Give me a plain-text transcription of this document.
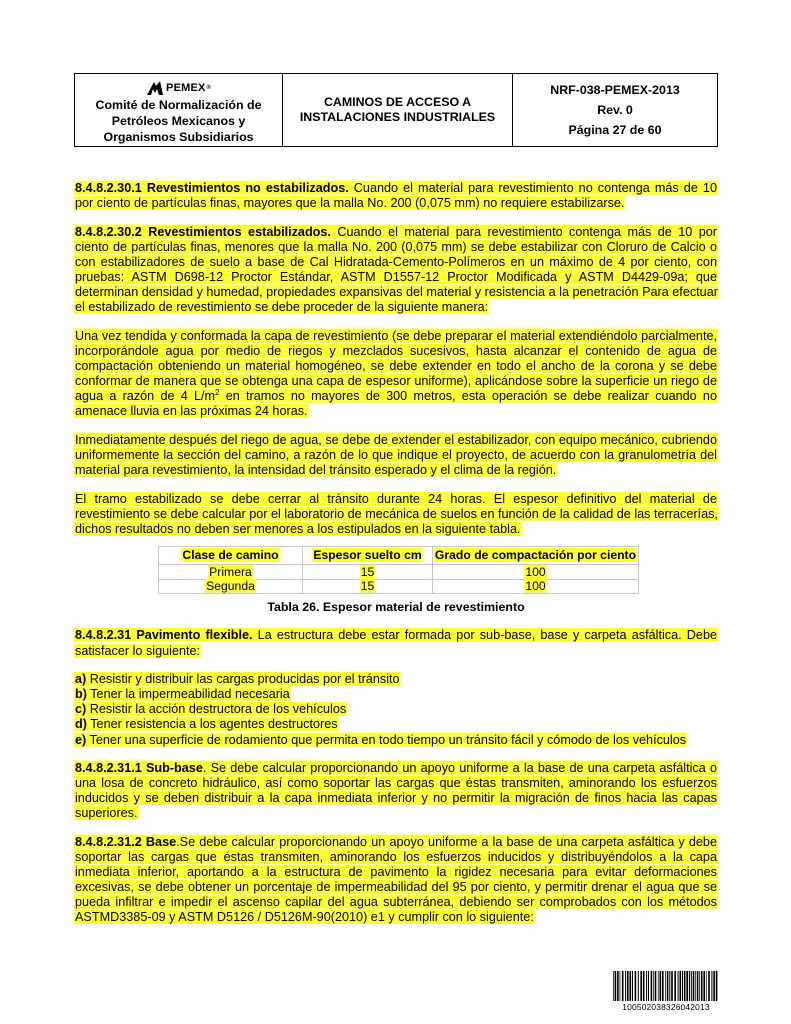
PEMEX ®
Comité de Normalización de
Petróleos Mexicanos y
Organismos Subsidiarios
CAMINOS DE ACCESO A
INSTALACIONES INDUSTRIALES
NRF-038-PEMEX-2013
Rev. 0
Página 27 de 60

8.4.8.2.30.1 Revestimientos no estabilizados. Cuando el material para revestimiento no contenga más de 10 por ciento de partículas finas, mayores que la malla No. 200 (0,075 mm) no requiere estabilizarse.

8.4.8.2.30.2 Revestimientos estabilizados. Cuando el material para revestimiento contenga más de 10 por ciento de partículas finas, menores que la malla No. 200 (0,075 mm) se debe estabilizar con Cloruro de Calcio o con estabilizadores de suelo a base de Cal Hidratada-Cemento-Polímeros en un máximo de 4 por ciento, con pruebas: ASTM D698-12 Proctor Estándar, ASTM D1557-12 Proctor Modificada y ASTM D4429-09a; que determinan densidad y humedad, propiedades expansivas del material y resistencia a la penetración Para efectuar el estabilizado de revestimiento se debe proceder de la siguiente manera:

Una vez tendida y conformada la capa de revestimiento (se debe preparar el material extendiéndolo parcialmente, incorporándole agua por medio de riegos y mezclados sucesivos, hasta alcanzar el contenido de agua de compactación obteniendo un material homogéneo, se debe extender en todo el ancho de la corona y se debe conformar de manera que se obtenga una capa de espesor uniforme), aplicándose sobre la superficie un riego de agua a razón de 4 $L/m^2$ en tramos no mayores de 300 metros, esta operación se debe realizar cuando no amenace lluvia en las próximas 24 horas.

Inmediatamente después del riego de agua, se debe de extender el estabilizador, con equipo mecánico, cubriendo uniformemente la sección del camino, a razón de lo que indique el proyecto, de acuerdo con la granulometría del material para revestimiento, la intensidad del tránsito esperado y el clima de la región.

El tramo estabilizado se debe cerrar al tránsito durante 24 horas. El espesor definitivo del material de revestimiento se debe calcular por el laboratorio de mecánica de suelos en función de la calidad de las terracerías, dichos resultados no deben ser menores a los estipulados en la siguiente tabla.

Clase de camino	Espesor suelto cm	Grado de compactación por ciento
Primera	15	100
Segunda	15	100
Tabla 26. Espesor material de revestimiento

8.4.8.2.31 Pavimento flexible. La estructura debe estar formada por sub-base, base y carpeta asfáltica. Debe satisfacer lo siguiente:

a) Resistir y distribuir las cargas producidas por el tránsito
b) Tener la impermeabilidad necesaria
c) Resistir la acción destructora de los vehículos
d) Tener resistencia a los agentes destructores
e) Tener una superficie de rodamiento que permita en todo tiempo un tránsito fácil y cómodo de los vehículos

8.4.8.2.31.1 Sub-base. Se debe calcular proporcionando un apoyo uniforme a la base de una carpeta asfáltica o una losa de concreto hidráulico, así como soportar las cargas que éstas transmiten, aminorando los esfuerzos inducidos y se deben distribuir a la capa inmediata inferior y no permitir la migración de finos hacia las capas superiores.

8.4.8.2.31.2 Base.Se debe calcular proporcionando un apoyo uniforme a la base de una carpeta asfáltica y debe soportar las cargas que éstas transmiten, aminorando los esfuerzos inducidos y distribuyéndolos a la capa inmediata inferior, aportando a la estructura de pavimento la rigidez necesaria para evitar deformaciones excesivas, se debe obtener un porcentaje de impermeabilidad del 95 por ciento, y permitir drenar el agua que se pueda infiltrar e impedir el ascenso capilar del agua subterránea, debiendo ser comprobados con los métodos ASTMD3385-09 y ASTM D5126 / D5126M-90(2010) e1 y cumplir con lo siguiente:

100502038326042013
